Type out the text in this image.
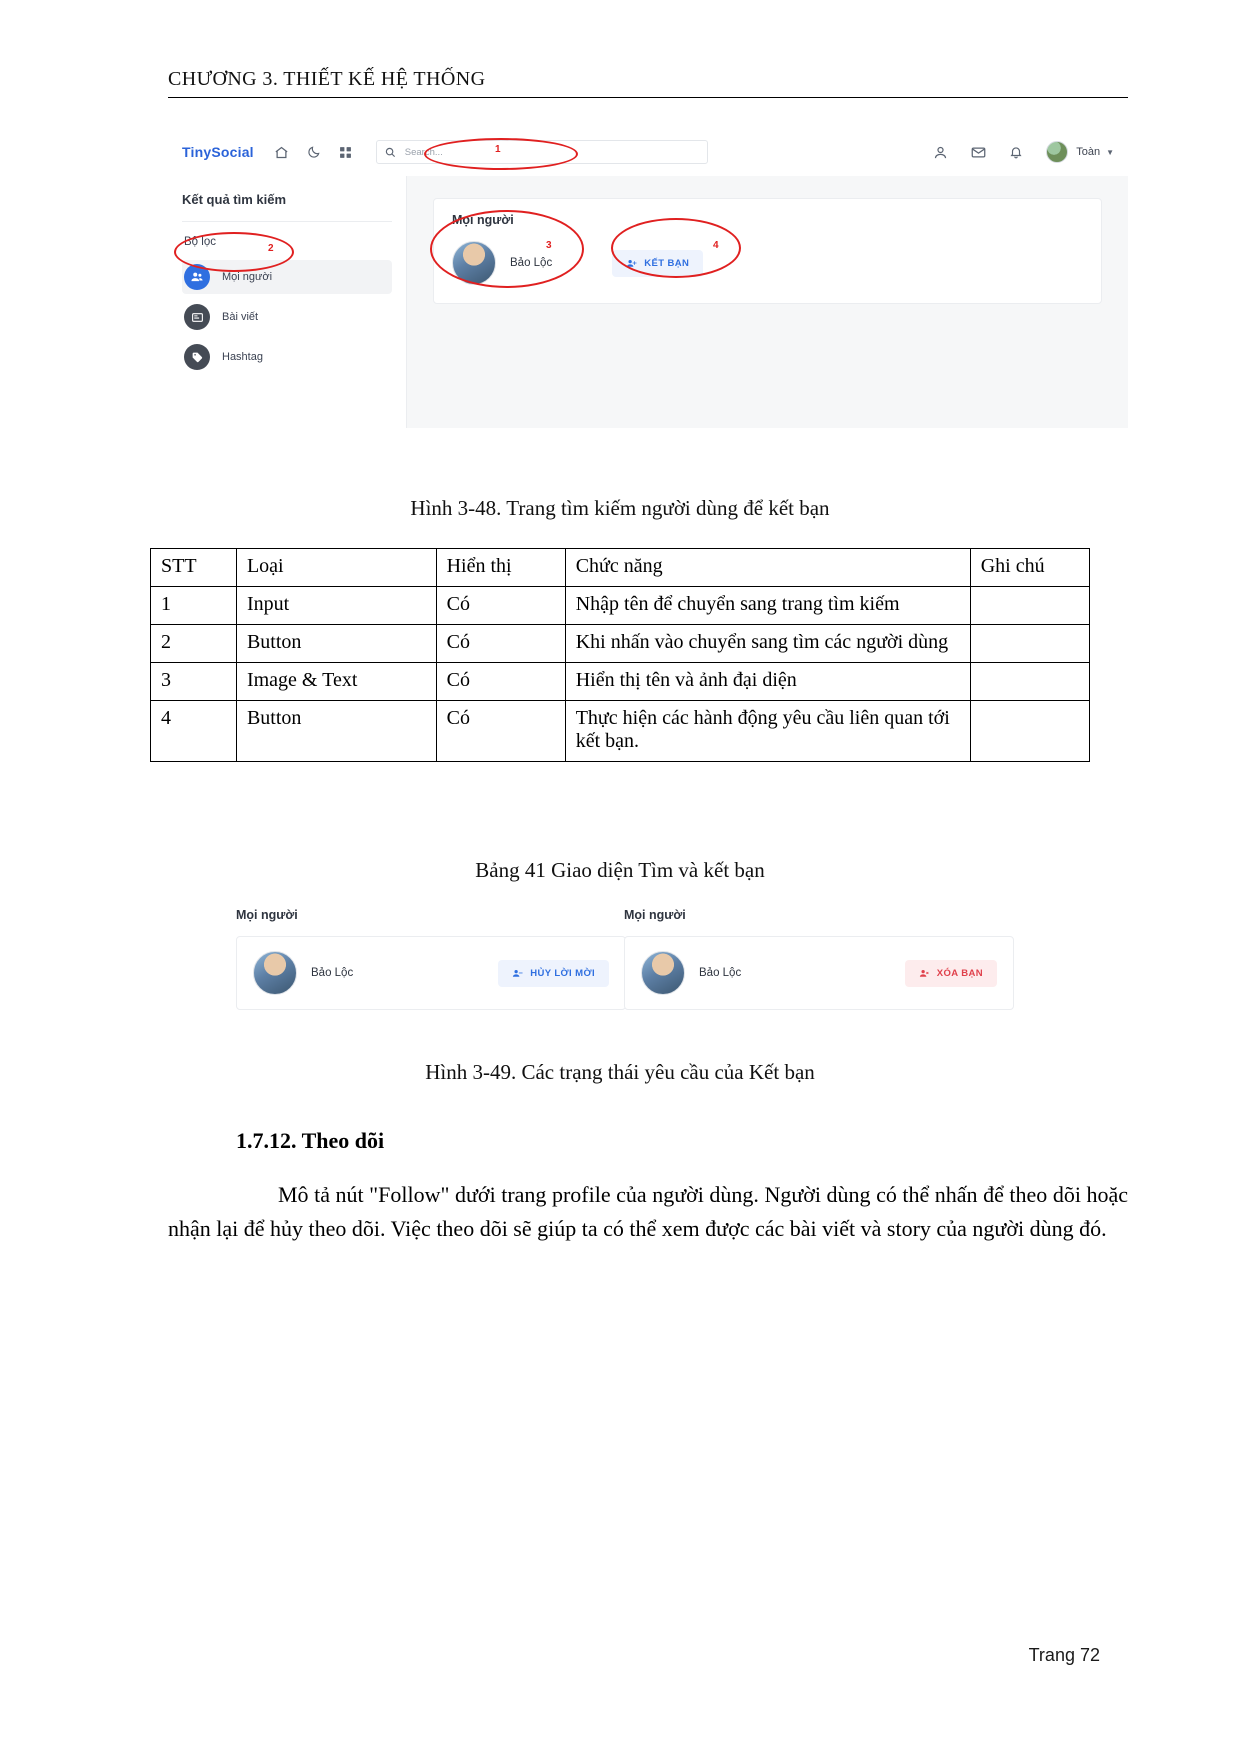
CHƯƠNG 3. THIẾT KẾ HỆ THỐNG
TinySocial	Search...	Toàn ▼
Kết quả tìm kiếm
Bộ lọc
Mọi người
Bài viết
Hashtag
Mọi người
Bảo Lộc	KẾT BẠN
1
2	3	4
Hình 3-48. Trang tìm kiếm người dùng để kết bạn
STT	Loại	Hiển thị	Chức năng	Ghi chú
1	Input	Có	Nhập tên để chuyển sang trang tìm kiếm	
2	Button	Có	Khi nhấn vào chuyển sang tìm các người dùng	
3	Image & Text	Có	Hiển thị tên và ảnh đại diện	
4	Button	Có	Thực hiện các hành động yêu cầu liên quan tới kết bạn.	
Bảng 41 Giao diện Tìm và kết bạn
Mọi người
Bảo Lộc	HỦY LỜI MỜI
Mọi người
Bảo Lộc	XÓA BẠN
Hình 3-49. Các trạng thái yêu cầu của Kết bạn
1.7.12. Theo dõi
Mô tả nút "Follow" dưới trang profile của người dùng. Người dùng có thể nhấn để theo dõi hoặc nhận lại để hủy theo dõi. Việc theo dõi sẽ giúp ta có thể xem được các bài viết và story của người dùng đó.
Trang 72
